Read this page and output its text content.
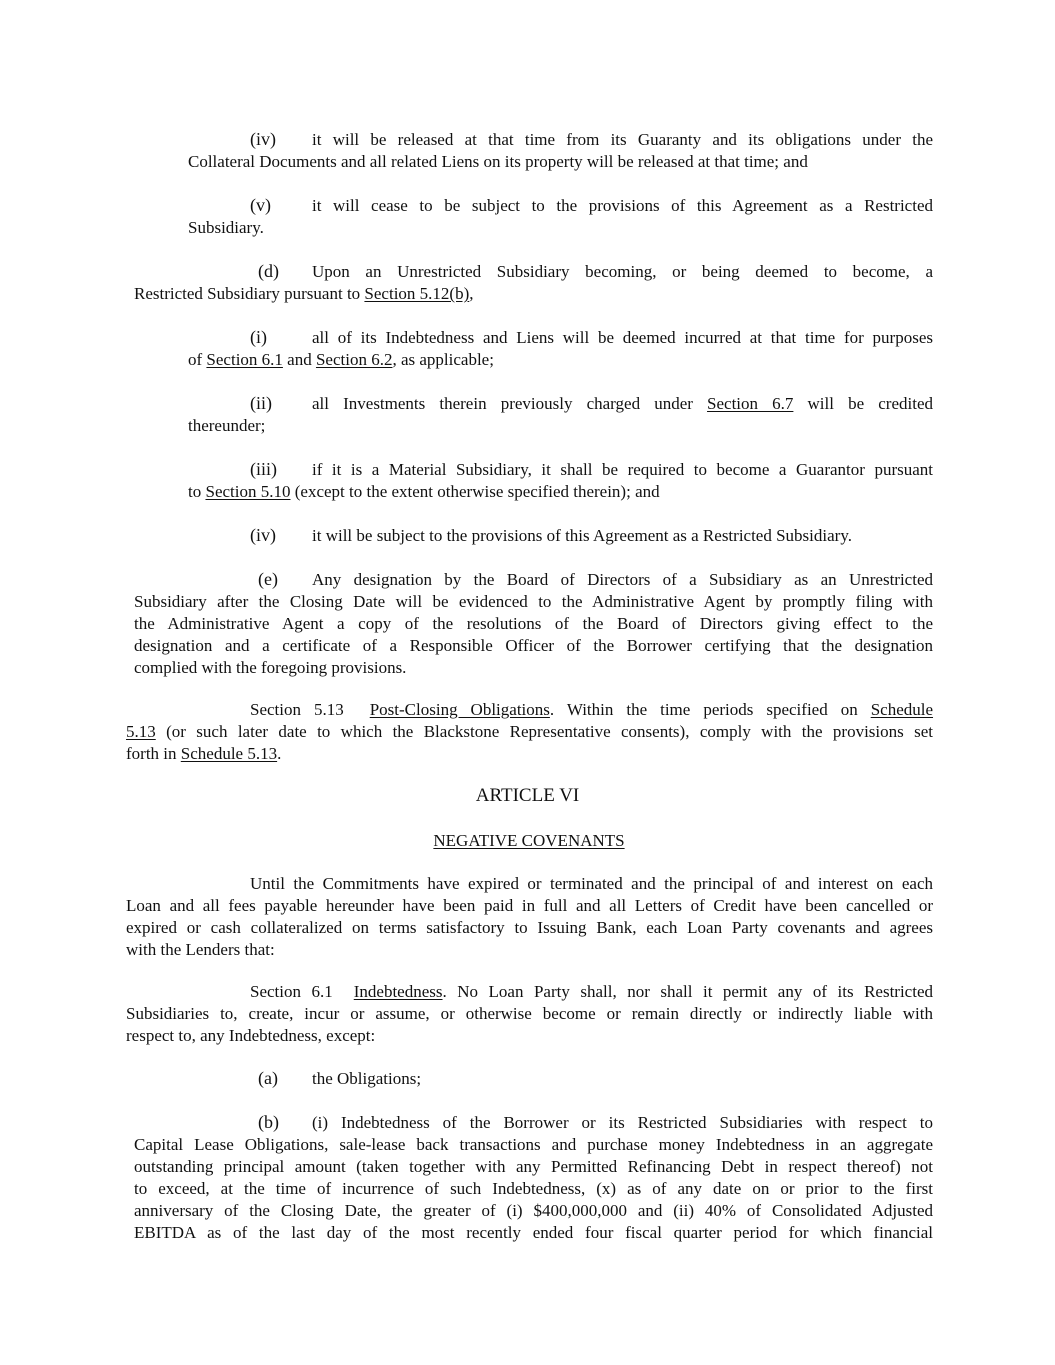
(iv) it will be released at that time from its Guaranty and its obligations under the
Collateral Documents and all related Liens on its property will be released at that time; and
(v) it will cease to be subject to the provisions of this Agreement as a Restricted
Subsidiary.
(d) Upon an Unrestricted Subsidiary becoming, or being deemed to become, a
Restricted Subsidiary pursuant to Section 5.12(b),
(i)	all of its Indebtedness and Liens will be deemed incurred at that time for purposes
of Section 6.1 and Section 6.2, as applicable;
(ii) all Investments therein previously charged under Section 6.7 will be credited
thereunder;
(iii) if it is a Material Subsidiary, it shall be required to become a Guarantor pursuant
to Section 5.10 (except to the extent otherwise specified therein); and
(iv) it will be subject to the provisions of this Agreement as a Restricted Subsidiary.
(e) Any designation by the Board of Directors of a Subsidiary as an Unrestricted
Subsidiary after the Closing Date will be evidenced to the Administrative Agent by promptly filing with
the Administrative Agent a copy of the resolutions of the Board of Directors giving effect to the
designation and a certificate of a Responsible Officer of the Borrower certifying that the designation
complied with the foregoing provisions.
Section 5.13 Post-Closing Obligations. Within the time periods specified on Schedule
5.13 (or such later date to which the Blackstone Representative consents), comply with the provisions set
forth in Schedule 5.13.
ARTICLE VI
NEGATIVE COVENANTS
Until the Commitments have expired or terminated and the principal of and interest on each
Loan and all fees payable hereunder have been paid in full and all Letters of Credit have been cancelled or
expired or cash collateralized on terms satisfactory to Issuing Bank, each Loan Party covenants and agrees
with the Lenders that:
Section 6.1 Indebtedness. No Loan Party shall, nor shall it permit any of its Restricted
Subsidiaries to, create, incur or assume, or otherwise become or remain directly or indirectly liable with
respect to, any Indebtedness, except:
(a) the Obligations;
(b) (i) Indebtedness of the Borrower or its Restricted Subsidiaries with respect to
Capital Lease Obligations, sale-lease back transactions and purchase money Indebtedness in an aggregate
outstanding principal amount (taken together with any Permitted Refinancing Debt in respect thereof) not
to exceed, at the time of incurrence of such Indebtedness, (x) as of any date on or prior to the first
anniversary of the Closing Date, the greater of (i) $400,000,000 and (ii) 40% of Consolidated Adjusted
EBITDA as of the last day of the most recently ended four fiscal quarter period for which financial
